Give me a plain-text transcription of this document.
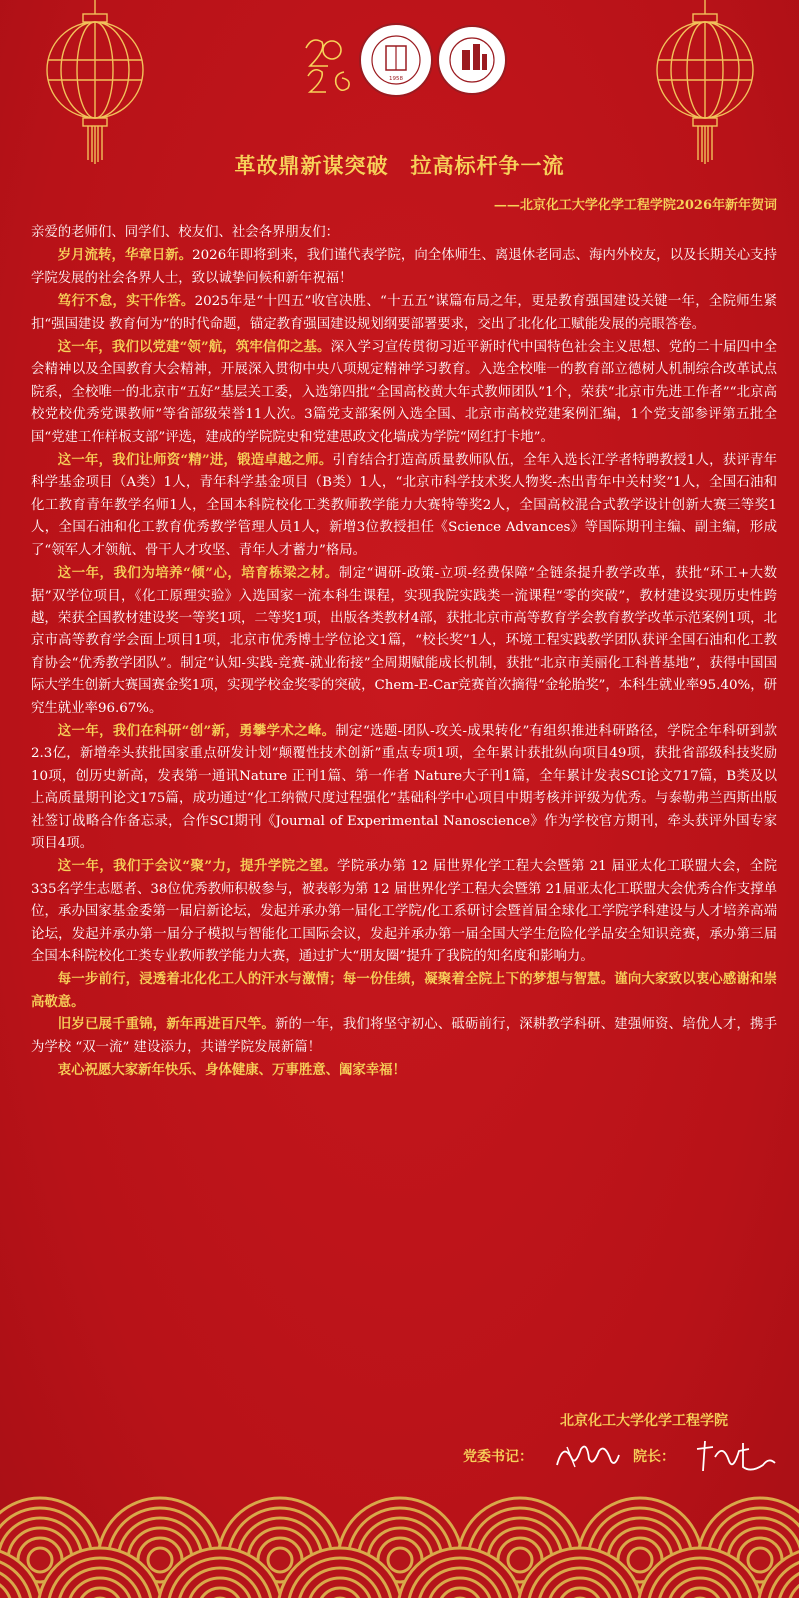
1958
革故鼎新谋突破　拉高标杆争一流
——北京化工大学化学工程学院2026年新年贺词

亲爱的老师们、同学们、校友们、社会各界朋友们：

岁月流转，华章日新。2026年即将到来，我们谨代表学院，向全体师生、离退休老同志、海内外校友，以及长期关心支持学院发展的社会各界人士，致以诚挚问候和新年祝福！

笃行不怠，实干作答。2025年是“十四五”收官决胜、“十五五”谋篇布局之年，更是教育强国建设关键一年，全院师生紧扣“强国建设 教育何为”的时代命题，锚定教育强国建设规划纲要部署要求，交出了北化化工赋能发展的亮眼答卷。

这一年，我们以党建“领”航，筑牢信仰之基。深入学习宣传贯彻习近平新时代中国特色社会主义思想、党的二十届四中全会精神以及全国教育大会精神，开展深入贯彻中央八项规定精神学习教育。入选全校唯一的教育部立德树人机制综合改革试点院系，全校唯一的北京市“五好”基层关工委，入选第四批“全国高校黄大年式教师团队”1个，荣获“北京市先进工作者”“北京高校党校优秀党课教师”等省部级荣誉11人次。3篇党支部案例入选全国、北京市高校党建案例汇编，1个党支部参评第五批全国“党建工作样板支部”评选，建成的学院院史和党建思政文化墙成为学院“网红打卡地”。

这一年，我们让师资“精”进，锻造卓越之师。引育结合打造高质量教师队伍，全年入选长江学者特聘教授1人，获评青年科学基金项目（A类）1人，青年科学基金项目（B类）1人，“北京市科学技术奖人物奖-杰出青年中关村奖”1人，全国石油和化工教育青年教学名师1人，全国本科院校化工类教师教学能力大赛特等奖2人，全国高校混合式教学设计创新大赛三等奖1人，全国石油和化工教育优秀教学管理人员1人，新增3位教授担任《Science Advances》等国际期刊主编、副主编，形成了“领军人才领航、骨干人才攻坚、青年人才蓄力”格局。

这一年，我们为培养“倾”心，培育栋梁之材。制定“调研-政策-立项-经费保障”全链条提升教学改革，获批“环工+大数据”双学位项目，《化工原理实验》入选国家一流本科生课程，实现我院实践类一流课程“零的突破”，教材建设实现历史性跨越，荣获全国教材建设奖一等奖1项，二等奖1项，出版各类教材4部，获批北京市高等教育学会教育教学改革示范案例1项，北京市高等教育学会面上项目1项，北京市优秀博士学位论文1篇，“校长奖”1人，环境工程实践教学团队获评全国石油和化工教育协会“优秀教学团队”。制定“认知-实践-竞赛-就业衔接”全周期赋能成长机制，获批“北京市美丽化工科普基地”，获得中国国际大学生创新大赛国赛金奖1项，实现学校金奖零的突破，Chem-E-Car竞赛首次摘得“金轮胎奖”，本科生就业率95.40%，研究生就业率96.67%。

这一年，我们在科研“创”新，勇攀学术之峰。制定“选题-团队-攻关-成果转化”有组织推进科研路径，学院全年科研到款2.3亿，新增牵头获批国家重点研发计划“颠覆性技术创新”重点专项1项，全年累计获批纵向项目49项，获批省部级科技奖励10项，创历史新高，发表第一通讯Nature 正刊1篇、第一作者 Nature大子刊1篇，全年累计发表SCI论文717篇，B类及以上高质量期刊论文175篇，成功通过“化工纳微尺度过程强化”基础科学中心项目中期考核并评级为优秀。与泰勒弗兰西斯出版社签订战略合作备忘录，合作SCI期刊《Journal of Experimental Nanoscience》作为学校官方期刊，牵头获评外国专家项目4项。

这一年，我们于会议“聚”力，提升学院之望。学院承办第 12 届世界化学工程大会暨第 21 届亚太化工联盟大会，全院335名学生志愿者、38位优秀教师积极参与，被表彰为第 12 届世界化学工程大会暨第 21届亚太化工联盟大会优秀合作支撑单位，承办国家基金委第一届启新论坛，发起并承办第一届化工学院/化工系研讨会暨首届全球化工学院学科建设与人才培养高端论坛，发起并承办第一届分子模拟与智能化工国际会议，发起并承办第一届全国大学生危险化学品安全知识竞赛，承办第三届全国本科院校化工类专业教师教学能力大赛，通过扩大“朋友圈”提升了我院的知名度和影响力。

每一步前行，浸透着北化化工人的汗水与激情；每一份佳绩，凝聚着全院上下的梦想与智慧。谨向大家致以衷心感谢和崇高敬意。

旧岁已展千重锦，新年再进百尺竿。新的一年，我们将坚守初心、砥砺前行，深耕教学科研、建强师资、培优人才，携手为学校 “双一流” 建设添力，共谱学院发展新篇！

衷心祝愿大家新年快乐、身体健康、万事胜意、阖家幸福！

北京化工大学化学工程学院
党委书记：	院长：
